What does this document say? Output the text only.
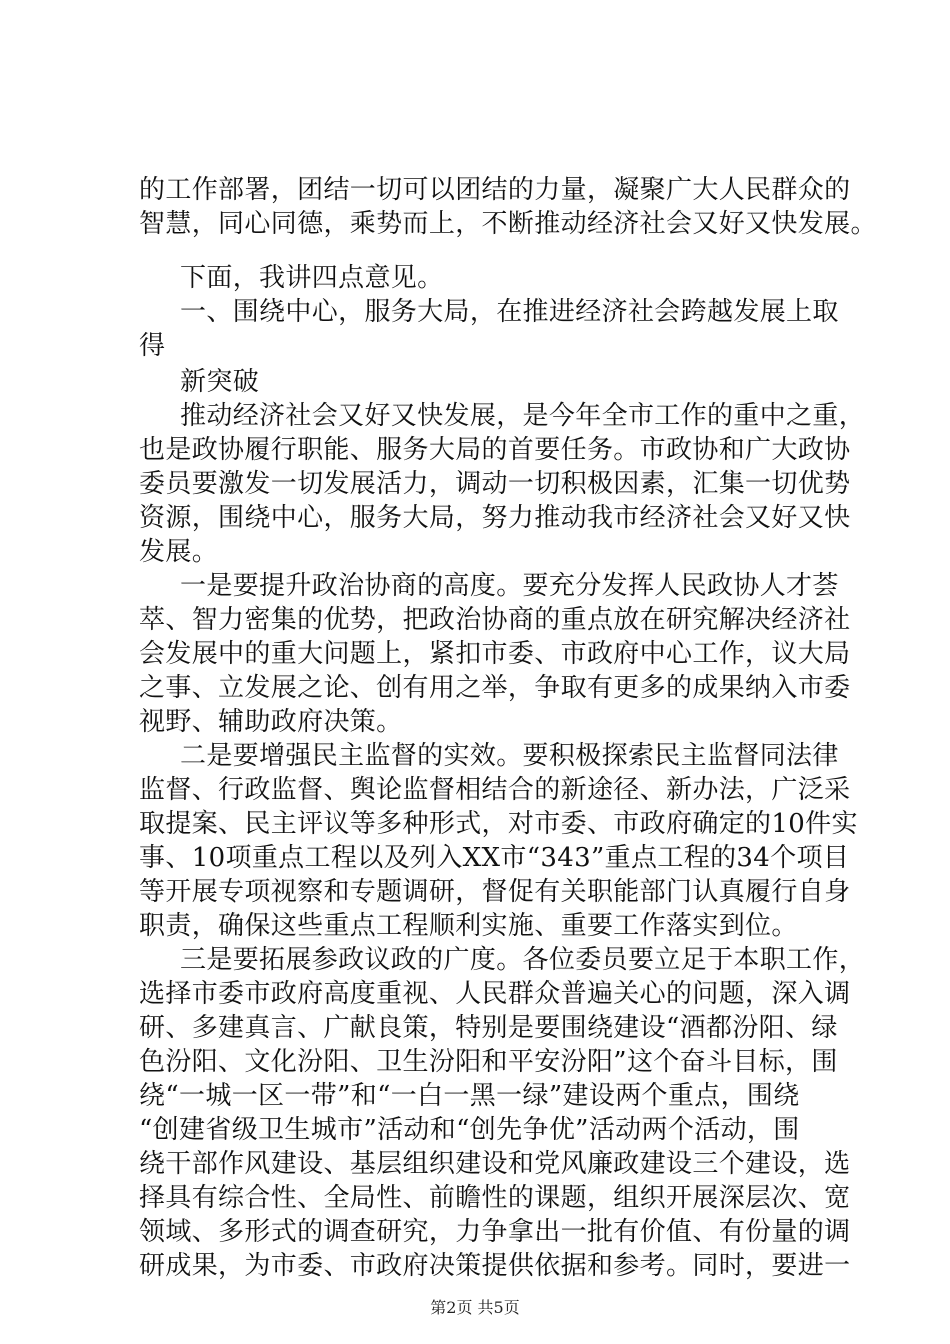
的工作部署，团结一切可以团结的力量，凝聚广大人民群众的
智慧，同心同德，乘势而上，不断推动经济社会又好又快发展。
下面，我讲四点意见。
一、围绕中心，服务大局，在推进经济社会跨越发展上取
得
新突破
推动经济社会又好又快发展，是今年全市工作的重中之重，
也是政协履行职能、服务大局的首要任务。市政协和广大政协
委员要激发一切发展活力，调动一切积极因素，汇集一切优势
资源，围绕中心，服务大局，努力推动我市经济社会又好又快
发展。
一是要提升政治协商的高度。要充分发挥人民政协人才荟
萃、智力密集的优势，把政治协商的重点放在研究解决经济社
会发展中的重大问题上，紧扣市委、市政府中心工作，议大局
之事、立发展之论、创有用之举，争取有更多的成果纳入市委
视野、辅助政府决策。
二是要增强民主监督的实效。要积极探索民主监督同法律
监督、行政监督、舆论监督相结合的新途径、新办法，广泛采
取提案、民主评议等多种形式，对市委、市政府确定的10件实
事、10项重点工程以及列入XX市“343”重点工程的34个项目
等开展专项视察和专题调研，督促有关职能部门认真履行自身
职责，确保这些重点工程顺利实施、重要工作落实到位。
三是要拓展参政议政的广度。各位委员要立足于本职工作，
选择市委市政府高度重视、人民群众普遍关心的问题，深入调
研、多建真言、广献良策，特别是要围绕建设“酒都汾阳、绿
色汾阳、文化汾阳、卫生汾阳和平安汾阳”这个奋斗目标，围
绕“一城一区一带”和“一白一黑一绿”建设两个重点，围绕
“创建省级卫生城市”活动和“创先争优”活动两个活动，围
绕干部作风建设、基层组织建设和党风廉政建设三个建设，选
择具有综合性、全局性、前瞻性的课题，组织开展深层次、宽
领域、多形式的调查研究，力争拿出一批有价值、有份量的调
研成果，为市委、市政府决策提供依据和参考。同时，要进一
第2页 共5页
